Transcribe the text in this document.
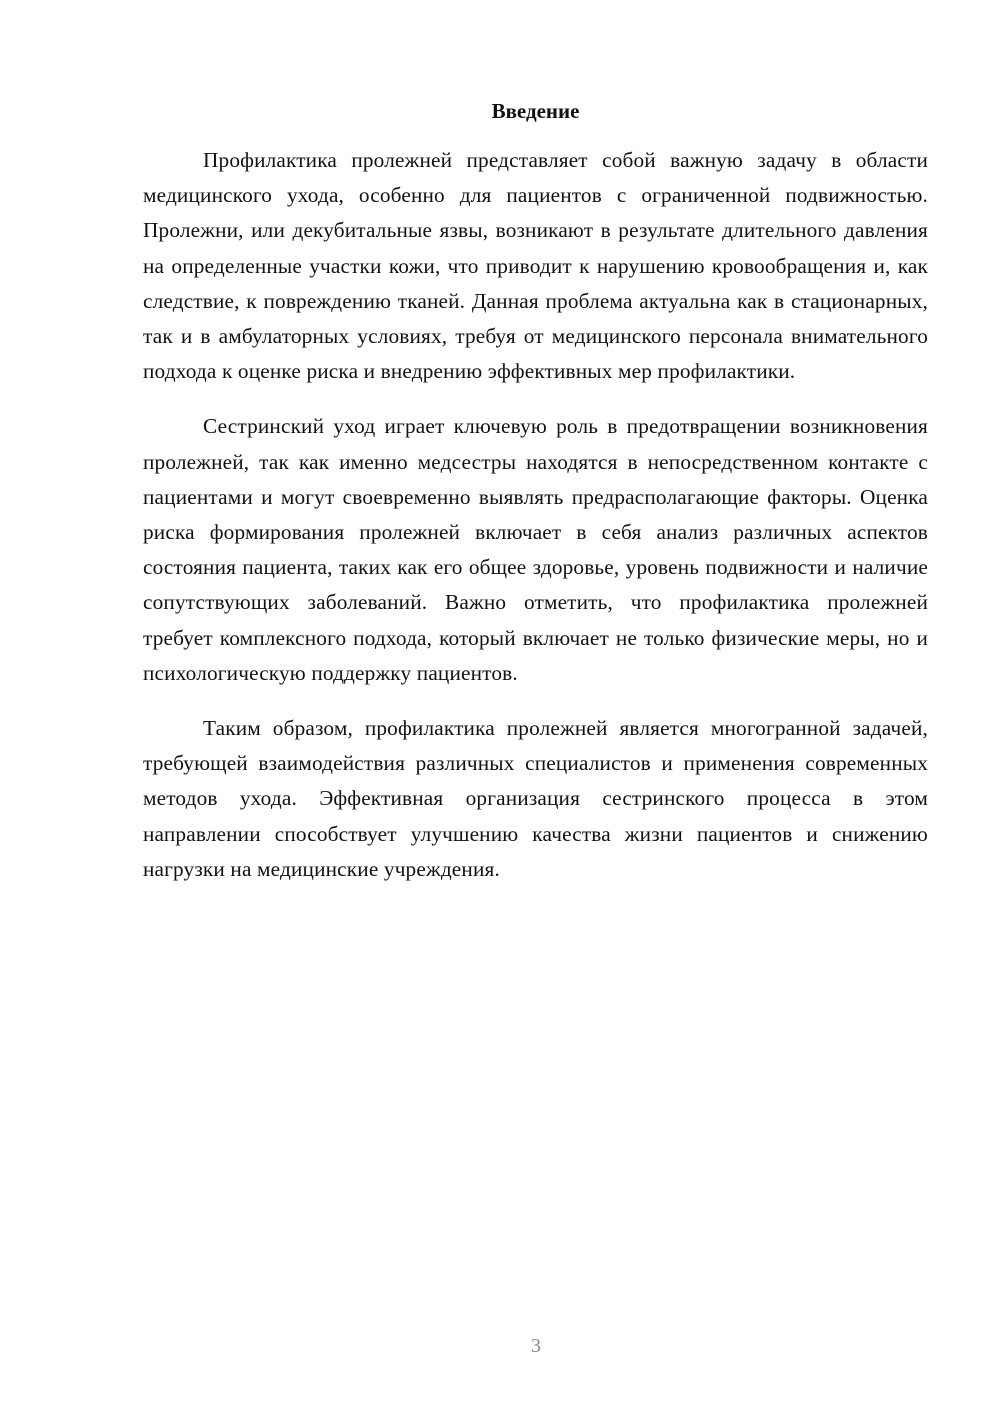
Введение

Профилактика пролежней представляет собой важную задачу в области медицинского ухода, особенно для пациентов с ограниченной подвижностью. Пролежни, или декубитальные язвы, возникают в результате длительного давления на определенные участки кожи, что приводит к нарушению кровообращения и, как следствие, к повреждению тканей. Данная проблема актуальна как в стационарных, так и в амбулаторных условиях, требуя от медицинского персонала внимательного подхода к оценке риска и внедрению эффективных мер профилактики.

Сестринский уход играет ключевую роль в предотвращении возникновения пролежней, так как именно медсестры находятся в непосредственном контакте с пациентами и могут своевременно выявлять предрасполагающие факторы. Оценка риска формирования пролежней включает в себя анализ различных аспектов состояния пациента, таких как его общее здоровье, уровень подвижности и наличие сопутствующих заболеваний. Важно отметить, что профилактика пролежней требует комплексного подхода, который включает не только физические меры, но и психологическую поддержку пациентов.

Таким образом, профилактика пролежней является многогранной задачей, требующей взаимодействия различных специалистов и применения современных методов ухода. Эффективная организация сестринского процесса в этом направлении способствует улучшению качества жизни пациентов и снижению нагрузки на медицинские учреждения.

3
